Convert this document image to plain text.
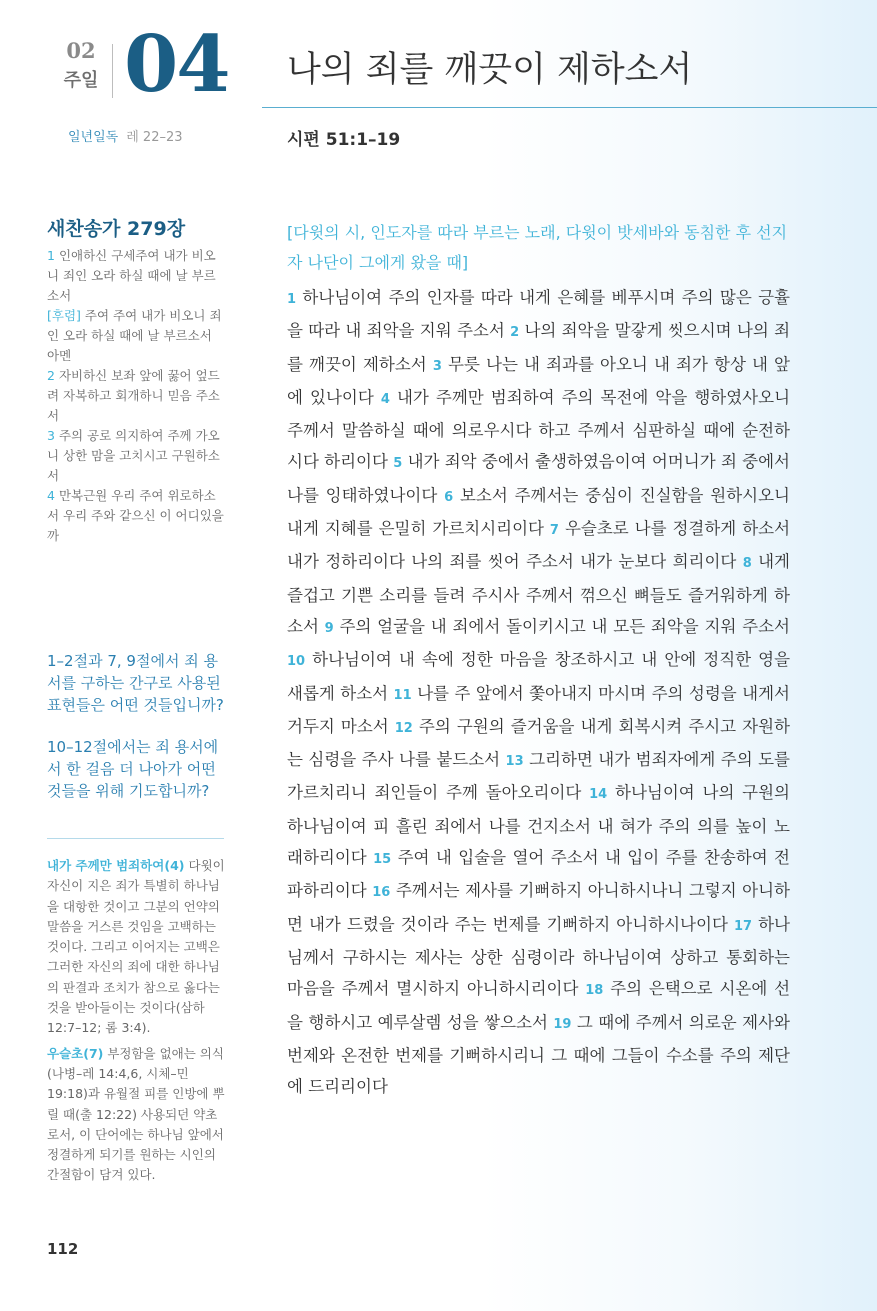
02
주일 04 나의 죄를 깨끗이 제하소서
일년일독 레 22–23	시편 51:1–19
새찬송가 279장

1 인애하신 구세주여 내가 비오니 죄인 오라 하실 때에 날 부르소서

[후렴] 주여 주여 내가 비오니 죄인 오라 하실 때에 날 부르소서 아멘

2 자비하신 보좌 앞에 꿇어 엎드려 자복하고 회개하니 믿음 주소서

3 주의 공로 의지하여 주께 가오니 상한 맘을 고치시고 구원하소서

4 만복근원 우리 주여 위로하소서 우리 주와 같으신 이 어디있을까

1–2절과 7, 9절에서 죄 용서를 구하는 간구로 사용된 표현들은 어떤 것들입니까?

10–12절에서는 죄 용서에서 한 걸음 더 나아가 어떤 것들을 위해 기도합니까?

내가 주께만 범죄하여(4) 다윗이 자신이 지은 죄가 특별히 하나님을 대항한 것이고 그분의 언약의 말씀을 거스른 것임을 고백하는 것이다. 그리고 이어지는 고백은 그러한 자신의 죄에 대한 하나님의 판결과 조치가 참으로 옳다는 것을 받아들이는 것이다(삼하 12:7–12; 롬 3:4).

우슬초(7) 부정함을 없애는 의식(나병–레 14:4,6, 시체–민 19:18)과 유월절 피를 인방에 뿌릴 때(출 12:22) 사용되던 약초로서, 이 단어에는 하나님 앞에서 정결하게 되기를 원하는 시인의 간절함이 담겨 있다.

112
[다윗의 시, 인도자를 따라 부르는 노래, 다윗이 밧세바와 동침한 후 선지자 나단이 그에게 왔을 때]
1 하나님이여 주의 인자를 따라 내게 은혜를 베푸시며 주의 많은 긍휼을 따라 내 죄악을 지워 주소서 2 나의 죄악을 말갛게 씻으시며 나의 죄를 깨끗이 제하소서 3 무릇 나는 내 죄과를 아오니 내 죄가 항상 내 앞에 있나이다 4 내가 주께만 범죄하여 주의 목전에 악을 행하였사오니 주께서 말씀하실 때에 의로우시다 하고 주께서 심판하실 때에 순전하시다 하리이다 5 내가 죄악 중에서 출생하였음이여 어머니가 죄 중에서 나를 잉태하였나이다 6 보소서 주께서는 중심이 진실함을 원하시오니 내게 지혜를 은밀히 가르치시리이다 7 우슬초로 나를 정결하게 하소서 내가 정하리이다 나의 죄를 씻어 주소서 내가 눈보다 희리이다 8 내게 즐겁고 기쁜 소리를 들려 주시사 주께서 꺾으신 뼈들도 즐거워하게 하소서 9 주의 얼굴을 내 죄에서 돌이키시고 내 모든 죄악을 지워 주소서 10 하나님이여 내 속에 정한 마음을 창조하시고 내 안에 정직한 영을 새롭게 하소서 11 나를 주 앞에서 쫓아내지 마시며 주의 성령을 내게서 거두지 마소서 12 주의 구원의 즐거움을 내게 회복시켜 주시고 자원하는 심령을 주사 나를 붙드소서 13 그리하면 내가 범죄자에게 주의 도를 가르치리니 죄인들이 주께 돌아오리이다 14 하나님이여 나의 구원의 하나님이여 피 흘린 죄에서 나를 건지소서 내 혀가 주의 의를 높이 노래하리이다 15 주여 내 입술을 열어 주소서 내 입이 주를 찬송하여 전파하리이다 16 주께서는 제사를 기뻐하지 아니하시나니 그렇지 아니하면 내가 드렸을 것이라 주는 번제를 기뻐하지 아니하시나이다 17 하나님께서 구하시는 제사는 상한 심령이라 하나님이여 상하고 통회하는 마음을 주께서 멸시하지 아니하시리이다 18 주의 은택으로 시온에 선을 행하시고 예루살렘 성을 쌓으소서 19 그 때에 주께서 의로운 제사와 번제와 온전한 번제를 기뻐하시리니 그 때에 그들이 수소를 주의 제단에 드리리이다
